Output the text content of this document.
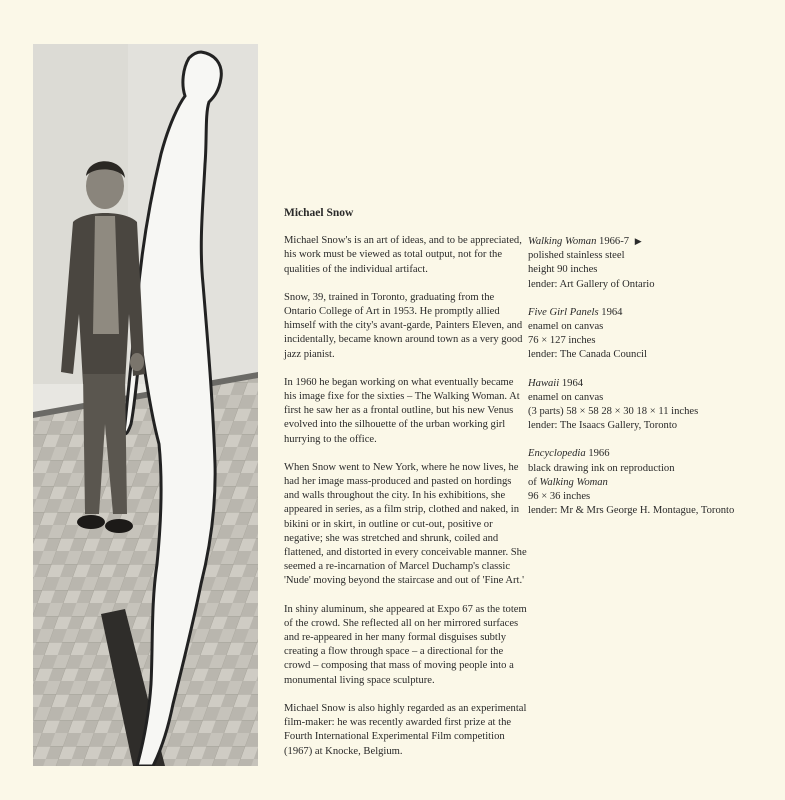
Michael Snow

Michael Snow's is an art of ideas, and to be appreciated, his work must be viewed as total output, not for the qualities of the individual artifact.

Snow, 39, trained in Toronto, graduating from the Ontario College of Art in 1953. He promptly allied himself with the city's avant-garde, Painters Eleven, and incidentally, became known around town as a very good jazz pianist.

In 1960 he began working on what eventually became his image fixe for the sixties – The Walking Woman. At first he saw her as a frontal outline, but his new Venus evolved into the silhouette of the urban working girl hurrying to the office.

When Snow went to New York, where he now lives, he had her image mass-produced and pasted on hordings and walls throughout the city. In his exhibitions, she appeared in series, as a film strip, clothed and naked, in bikini or in skirt, in outline or cut-out, positive or negative; she was stretched and shrunk, coiled and flattened, and distorted in every conceivable manner. She seemed a re-incarnation of Marcel Duchamp's classic 'Nude' moving beyond the staircase and out of 'Fine Art.'

In shiny aluminum, she appeared at Expo 67 as the totem of the crowd. She reflected all on her mirrored surfaces and re-appeared in her many formal disguises subtly creating a flow through space – a directional for the crowd – composing that mass of moving people into a monumental living space sculpture.

Michael Snow is also highly regarded as an experimental film-maker: he was recently awarded first prize at the Fourth International Experimental Film competition (1967) at Knocke, Belgium.

Walking Woman 1966-7 ▶
polished stainless steel
height 90 inches
lender: Art Gallery of Ontario
Five Girl Panels 1964
enamel on canvas
76 × 127 inches
lender: The Canada Council
Hawaii 1964
enamel on canvas
(3 parts) 58 × 58 28 × 30 18 × 11 inches
lender: The Isaacs Gallery, Toronto
Encyclopedia 1966
black drawing ink on reproduction
of Walking Woman
96 × 36 inches
lender: Mr & Mrs George H. Montague, Toronto
